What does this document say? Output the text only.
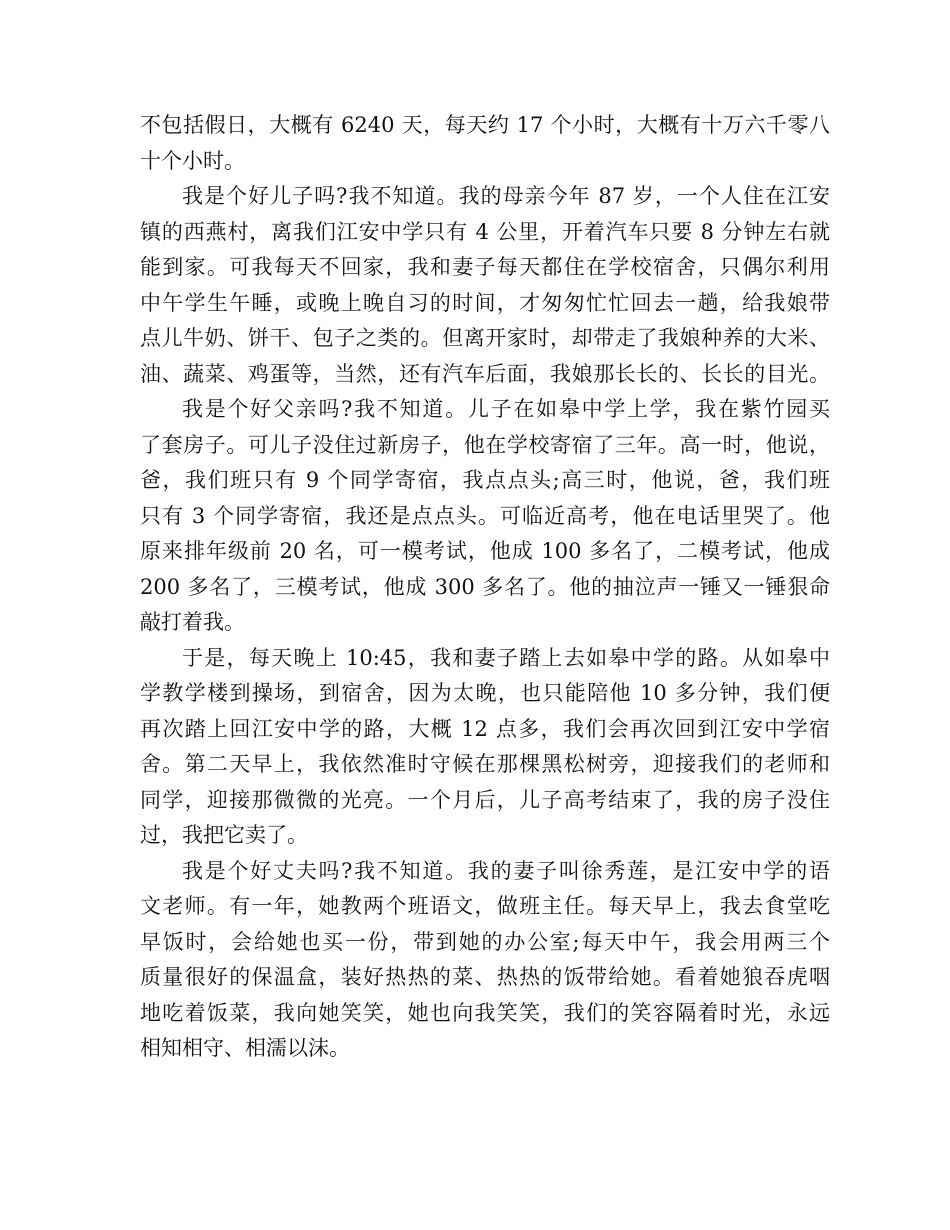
不包括假日，大概有 6240 天，每天约 17 个小时，大概有十万六千零八
十个小时。
我是个好儿子吗?我不知道。我的母亲今年 87 岁，一个人住在江安
镇的西燕村，离我们江安中学只有 4 公里，开着汽车只要 8 分钟左右就
能到家。可我每天不回家，我和妻子每天都住在学校宿舍，只偶尔利用
中午学生午睡，或晚上晚自习的时间，才匆匆忙忙回去一趟，给我娘带
点儿牛奶、饼干、包子之类的。但离开家时，却带走了我娘种养的大米、
油、蔬菜、鸡蛋等，当然，还有汽车后面，我娘那长长的、长长的目光。
我是个好父亲吗?我不知道。儿子在如皋中学上学，我在紫竹园买
了套房子。可儿子没住过新房子，他在学校寄宿了三年。高一时，他说，
爸，我们班只有 9 个同学寄宿，我点点头;高三时，他说，爸，我们班
只有 3 个同学寄宿，我还是点点头。可临近高考，他在电话里哭了。他
原来排年级前 20 名，可一模考试，他成 100 多名了，二模考试，他成
200 多名了，三模考试，他成 300 多名了。他的抽泣声一锤又一锤狠命
敲打着我。
于是，每天晚上 10:45，我和妻子踏上去如皋中学的路。从如皋中
学教学楼到操场，到宿舍，因为太晚，也只能陪他 10 多分钟，我们便
再次踏上回江安中学的路，大概 12 点多，我们会再次回到江安中学宿
舍。第二天早上，我依然准时守候在那棵黑松树旁，迎接我们的老师和
同学，迎接那微微的光亮。一个月后，儿子高考结束了，我的房子没住
过，我把它卖了。
我是个好丈夫吗?我不知道。我的妻子叫徐秀莲，是江安中学的语
文老师。有一年，她教两个班语文，做班主任。每天早上，我去食堂吃
早饭时，会给她也买一份，带到她的办公室;每天中午，我会用两三个
质量很好的保温盒，装好热热的菜、热热的饭带给她。看着她狼吞虎咽
地吃着饭菜，我向她笑笑，她也向我笑笑，我们的笑容隔着时光，永远
相知相守、相濡以沫。
